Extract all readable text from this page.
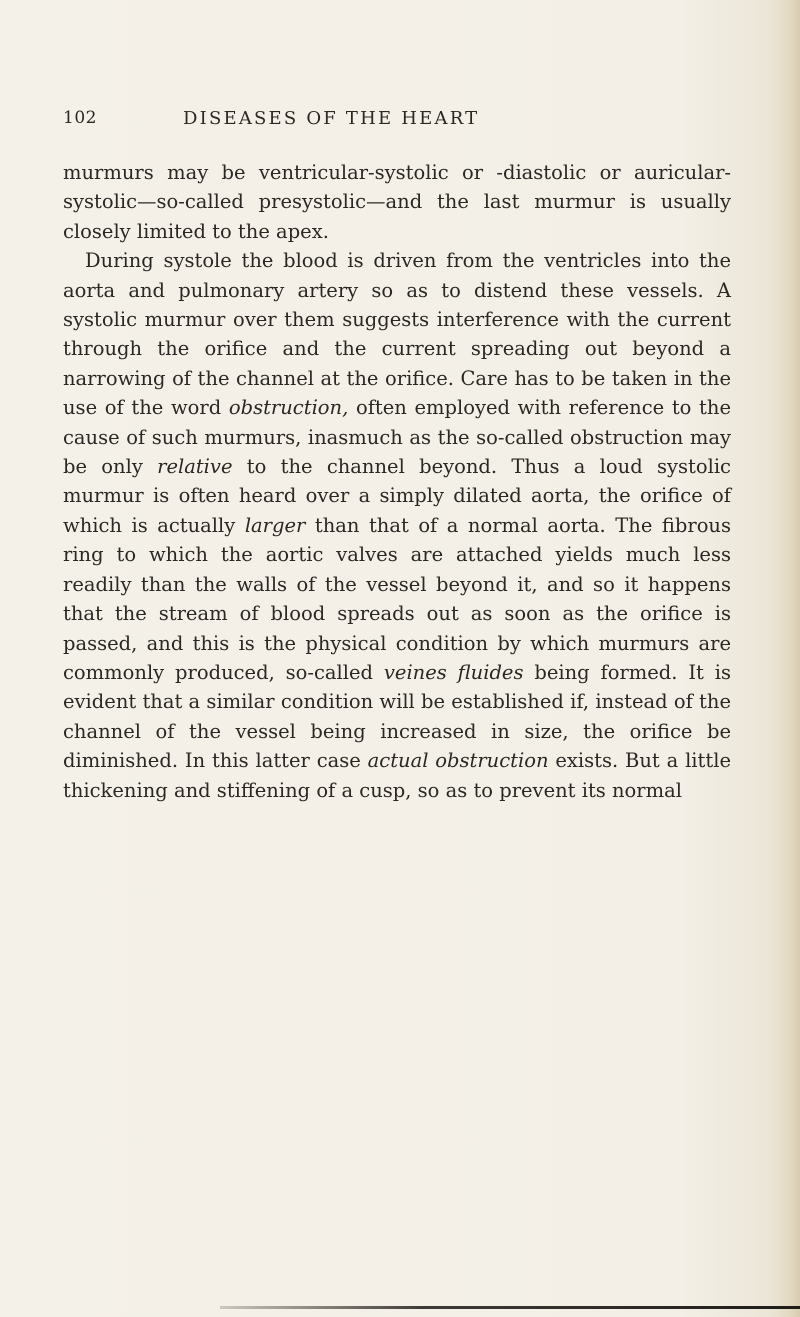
102	DISEASES OF THE HEART

murmurs may be ventricular-systolic or -diastolic or auricular-systolic—so-called presystolic—and the last murmur is usually closely limited to the apex.

During systole the blood is driven from the ventricles into the aorta and pulmonary artery so as to distend these vessels. A systolic murmur over them suggests interference with the current through the orifice and the current spreading out beyond a narrowing of the channel at the orifice. Care has to be taken in the use of the word obstruction, often employed with reference to the cause of such murmurs, inasmuch as the so-called obstruction may be only relative to the channel beyond. Thus a loud systolic murmur is often heard over a simply dilated aorta, the orifice of which is actually larger than that of a normal aorta. The fibrous ring to which the aortic valves are attached yields much less readily than the walls of the vessel beyond it, and so it happens that the stream of blood spreads out as soon as the orifice is passed, and this is the physical condition by which murmurs are commonly produced, so-called veines fluides being formed. It is evident that a similar condition will be established if, instead of the channel of the vessel being increased in size, the orifice be diminished. In this latter case actual obstruction exists. But a little thickening and stiffening of a cusp, so as to prevent its normal
